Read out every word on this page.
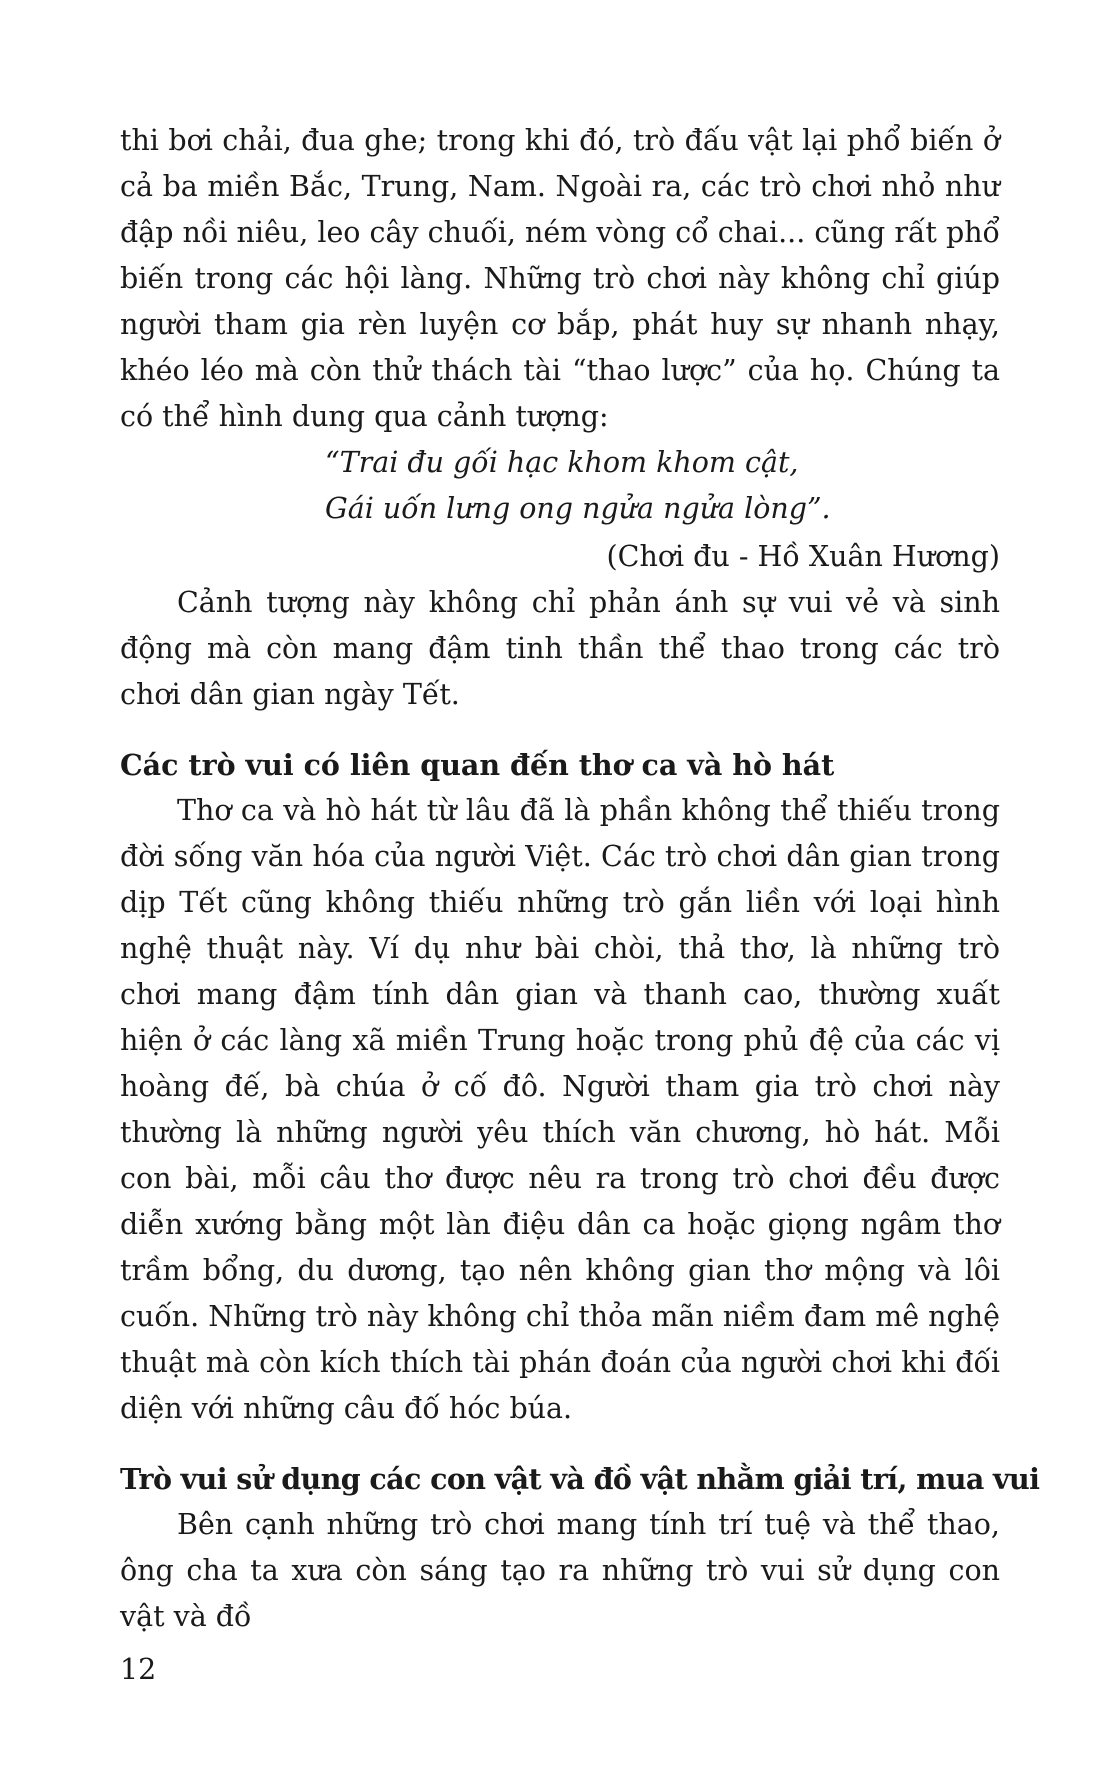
thi bơi chải, đua ghe; trong khi đó, trò đấu vật lại phổ biến ở cả ba miền Bắc, Trung, Nam. Ngoài ra, các trò chơi nhỏ như đập nồi niêu, leo cây chuối, ném vòng cổ chai... cũng rất phổ biến trong các hội làng. Những trò chơi này không chỉ giúp người tham gia rèn luyện cơ bắp, phát huy sự nhanh nhạy, khéo léo mà còn thử thách tài “thao lược” của họ. Chúng ta có thể hình dung qua cảnh tượng:

“Trai đu gối hạc khom khom cật,
Gái uốn lưng ong ngửa ngửa lòng”.

(Chơi đu - Hồ Xuân Hương)

Cảnh tượng này không chỉ phản ánh sự vui vẻ và sinh động mà còn mang đậm tinh thần thể thao trong các trò chơi dân gian ngày Tết.

Các trò vui có liên quan đến thơ ca và hò hát

Thơ ca và hò hát từ lâu đã là phần không thể thiếu trong đời sống văn hóa của người Việt. Các trò chơi dân gian trong dịp Tết cũng không thiếu những trò gắn liền với loại hình nghệ thuật này. Ví dụ như bài chòi, thả thơ, là những trò chơi mang đậm tính dân gian và thanh cao, thường xuất hiện ở các làng xã miền Trung hoặc trong phủ đệ của các vị hoàng đế, bà chúa ở cố đô. Người tham gia trò chơi này thường là những người yêu thích văn chương, hò hát. Mỗi con bài, mỗi câu thơ được nêu ra trong trò chơi đều được diễn xướng bằng một làn điệu dân ca hoặc giọng ngâm thơ trầm bổng, du dương, tạo nên không gian thơ mộng và lôi cuốn. Những trò này không chỉ thỏa mãn niềm đam mê nghệ thuật mà còn kích thích tài phán đoán của người chơi khi đối diện với những câu đố hóc búa.

Trò vui sử dụng các con vật và đồ vật nhằm giải trí, mua vui

Bên cạnh những trò chơi mang tính trí tuệ và thể thao, ông cha ta xưa còn sáng tạo ra những trò vui sử dụng con vật và đồ

12
